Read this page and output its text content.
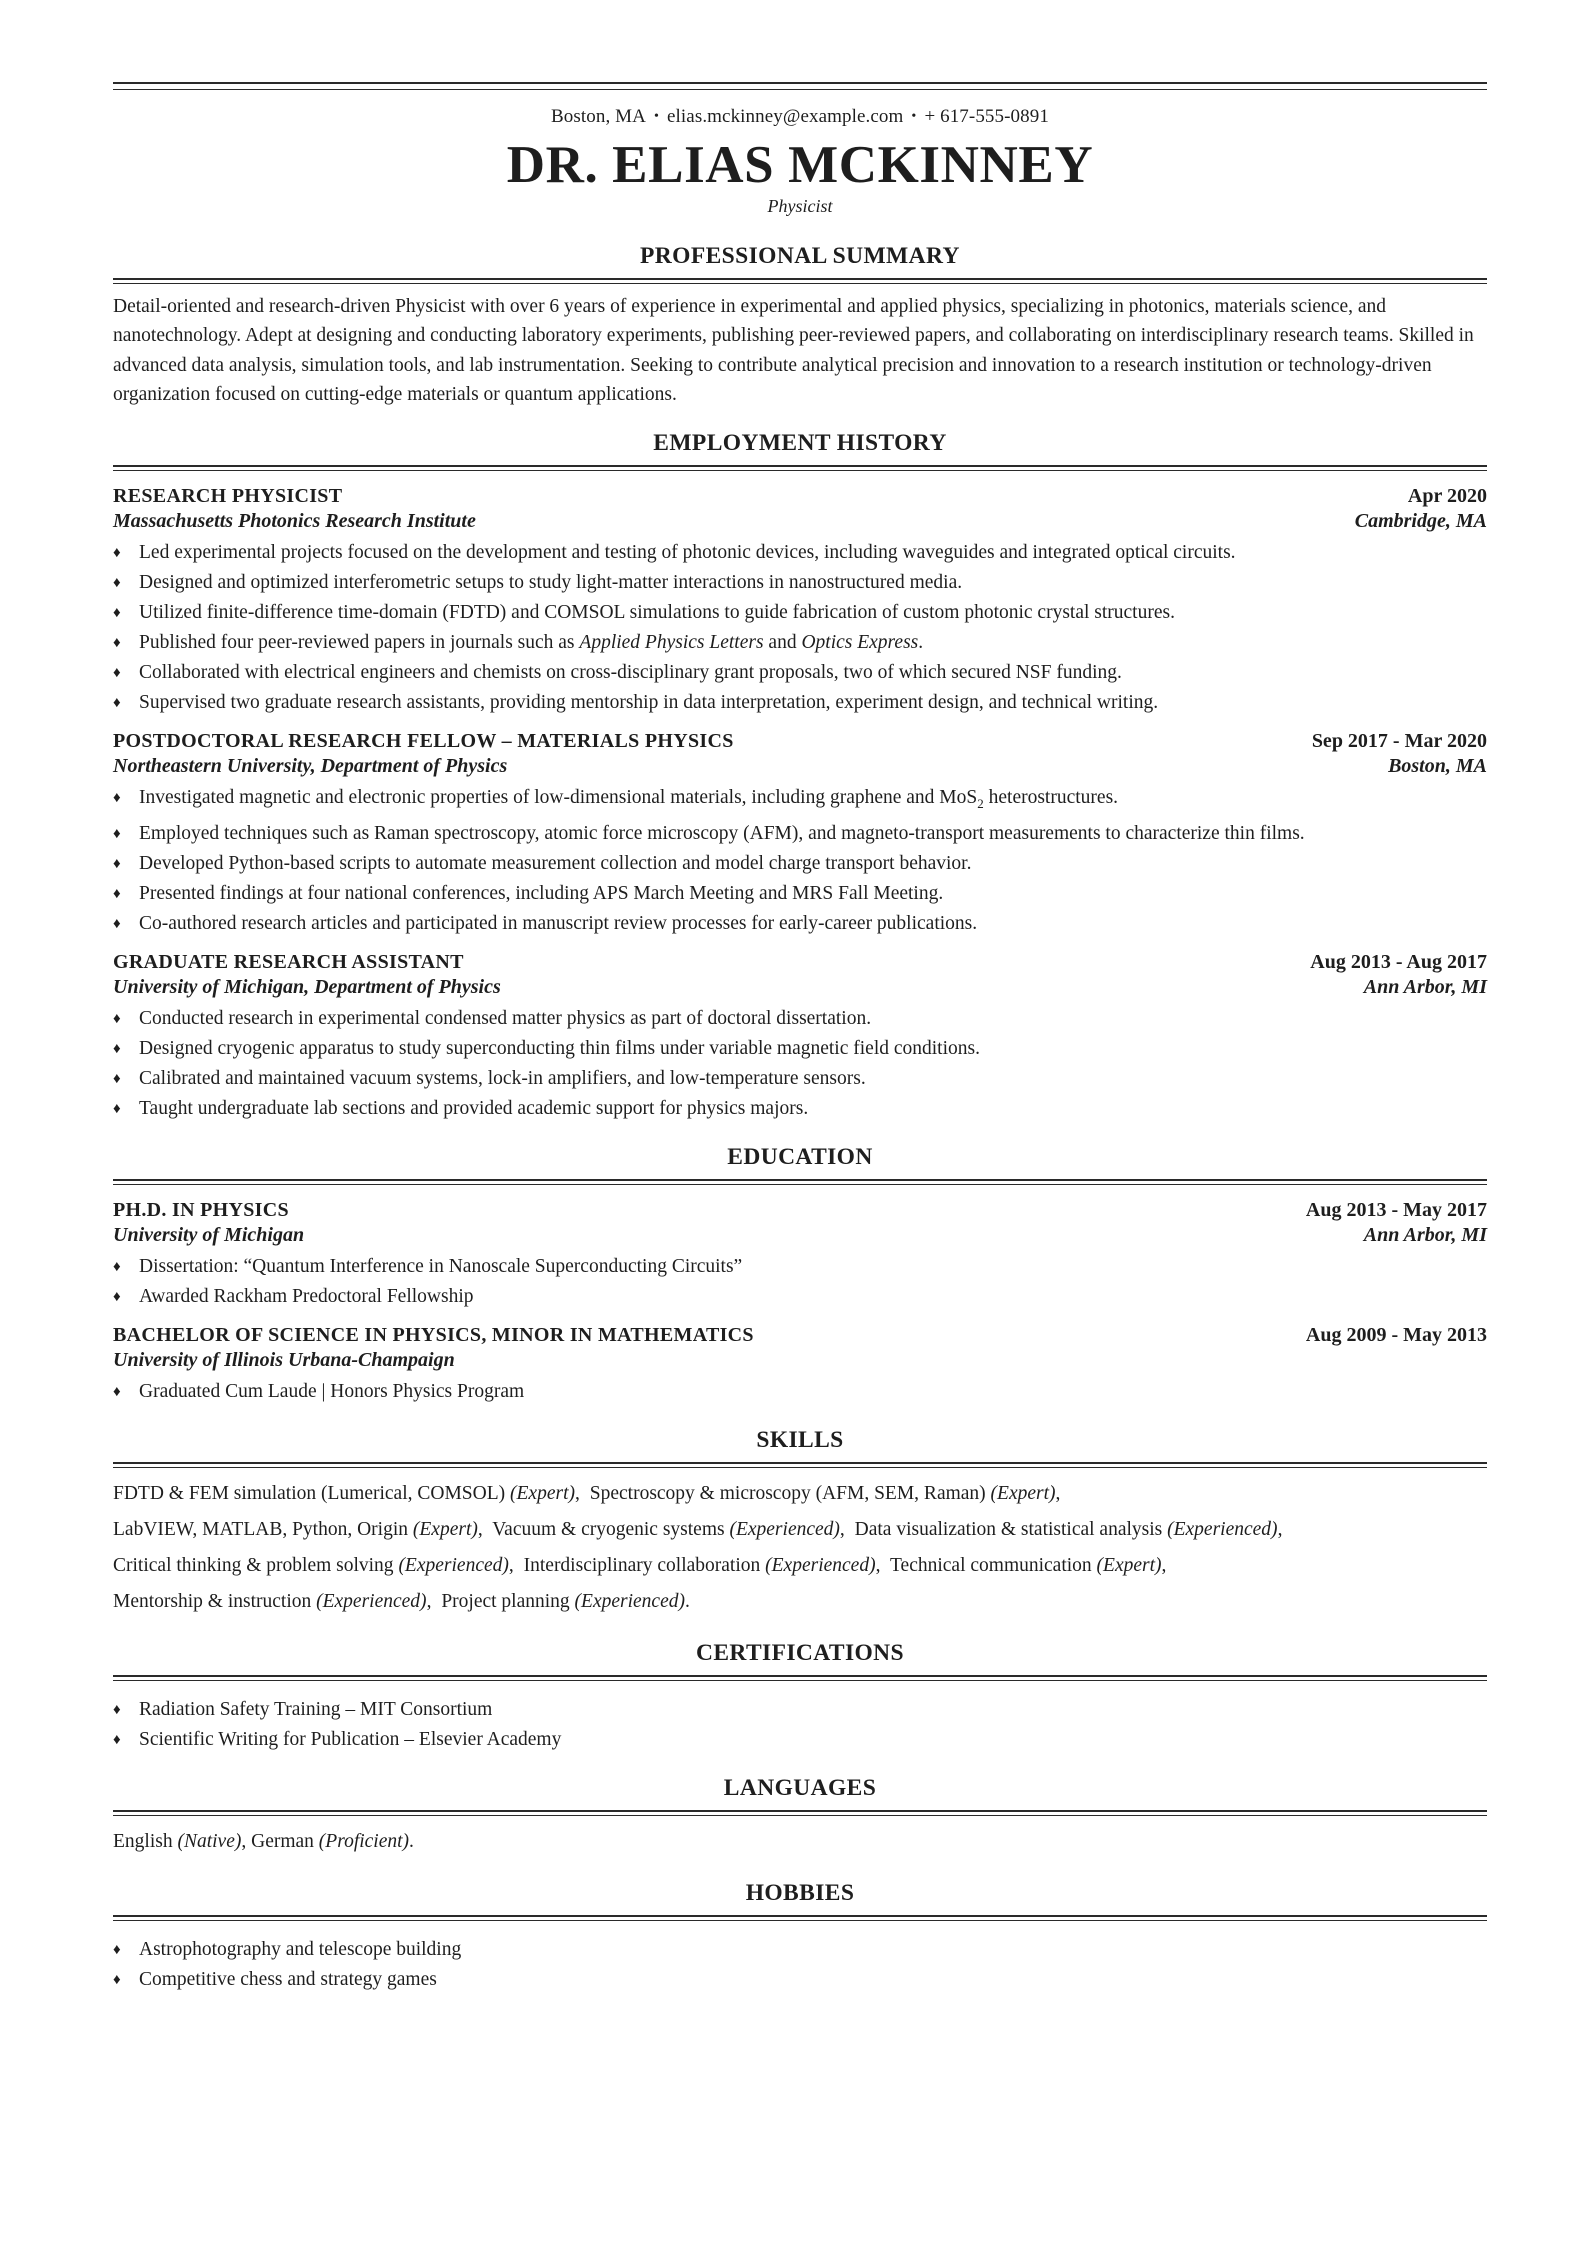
Boston, MA • elias.mckinney@example.com • + 617-555-0891
DR. ELIAS MCKINNEY
Physicist
PROFESSIONAL SUMMARY
Detail-oriented and research-driven Physicist with over 6 years of experience in experimental and applied physics, specializing in photonics, materials science, and nanotechnology. Adept at designing and conducting laboratory experiments, publishing peer-reviewed papers, and collaborating on interdisciplinary research teams. Skilled in advanced data analysis, simulation tools, and lab instrumentation. Seeking to contribute analytical precision and innovation to a research institution or technology-driven organization focused on cutting-edge materials or quantum applications.
EMPLOYMENT HISTORY
RESEARCH PHYSICIST	Apr 2020
Massachusetts Photonics Research Institute	Cambridge, MA
♦ Led experimental projects focused on the development and testing of photonic devices, including waveguides and integrated optical circuits.
♦ Designed and optimized interferometric setups to study light-matter interactions in nanostructured media.
♦ Utilized finite-difference time-domain (FDTD) and COMSOL simulations to guide fabrication of custom photonic crystal structures.
♦ Published four peer-reviewed papers in journals such as Applied Physics Letters and Optics Express.
♦ Collaborated with electrical engineers and chemists on cross-disciplinary grant proposals, two of which secured NSF funding.
♦ Supervised two graduate research assistants, providing mentorship in data interpretation, experiment design, and technical writing.
POSTDOCTORAL RESEARCH FELLOW – MATERIALS PHYSICS	Sep 2017 - Mar 2020
Northeastern University, Department of Physics	Boston, MA
♦ Investigated magnetic and electronic properties of low-dimensional materials, including graphene and MoS$_2$ heterostructures.
♦ Employed techniques such as Raman spectroscopy, atomic force microscopy (AFM), and magneto-transport measurements to characterize thin films.
♦ Developed Python-based scripts to automate measurement collection and model charge transport behavior.
♦ Presented findings at four national conferences, including APS March Meeting and MRS Fall Meeting.
♦ Co-authored research articles and participated in manuscript review processes for early-career publications.
GRADUATE RESEARCH ASSISTANT	Aug 2013 - Aug 2017
University of Michigan, Department of Physics	Ann Arbor, MI
♦ Conducted research in experimental condensed matter physics as part of doctoral dissertation.
♦ Designed cryogenic apparatus to study superconducting thin films under variable magnetic field conditions.
♦ Calibrated and maintained vacuum systems, lock-in amplifiers, and low-temperature sensors.
♦ Taught undergraduate lab sections and provided academic support for physics majors.
EDUCATION
PH.D. IN PHYSICS	Aug 2013 - May 2017
University of Michigan	Ann Arbor, MI
♦ Dissertation: “Quantum Interference in Nanoscale Superconducting Circuits”
♦ Awarded Rackham Predoctoral Fellowship
BACHELOR OF SCIENCE IN PHYSICS, MINOR IN MATHEMATICS	Aug 2009 - May 2013
University of Illinois Urbana-Champaign
♦ Graduated Cum Laude | Honors Physics Program
SKILLS
FDTD & FEM simulation (Lumerical, COMSOL) (Expert), Spectroscopy & microscopy (AFM, SEM, Raman) (Expert),
LabVIEW, MATLAB, Python, Origin (Expert), Vacuum & cryogenic systems (Experienced), Data visualization & statistical analysis (Experienced),
Critical thinking & problem solving (Experienced), Interdisciplinary collaboration (Experienced), Technical communication (Expert),
Mentorship & instruction (Experienced), Project planning (Experienced).
CERTIFICATIONS
♦ Radiation Safety Training – MIT Consortium
♦ Scientific Writing for Publication – Elsevier Academy
LANGUAGES
English (Native), German (Proficient).
HOBBIES
♦ Astrophotography and telescope building
♦ Competitive chess and strategy games
